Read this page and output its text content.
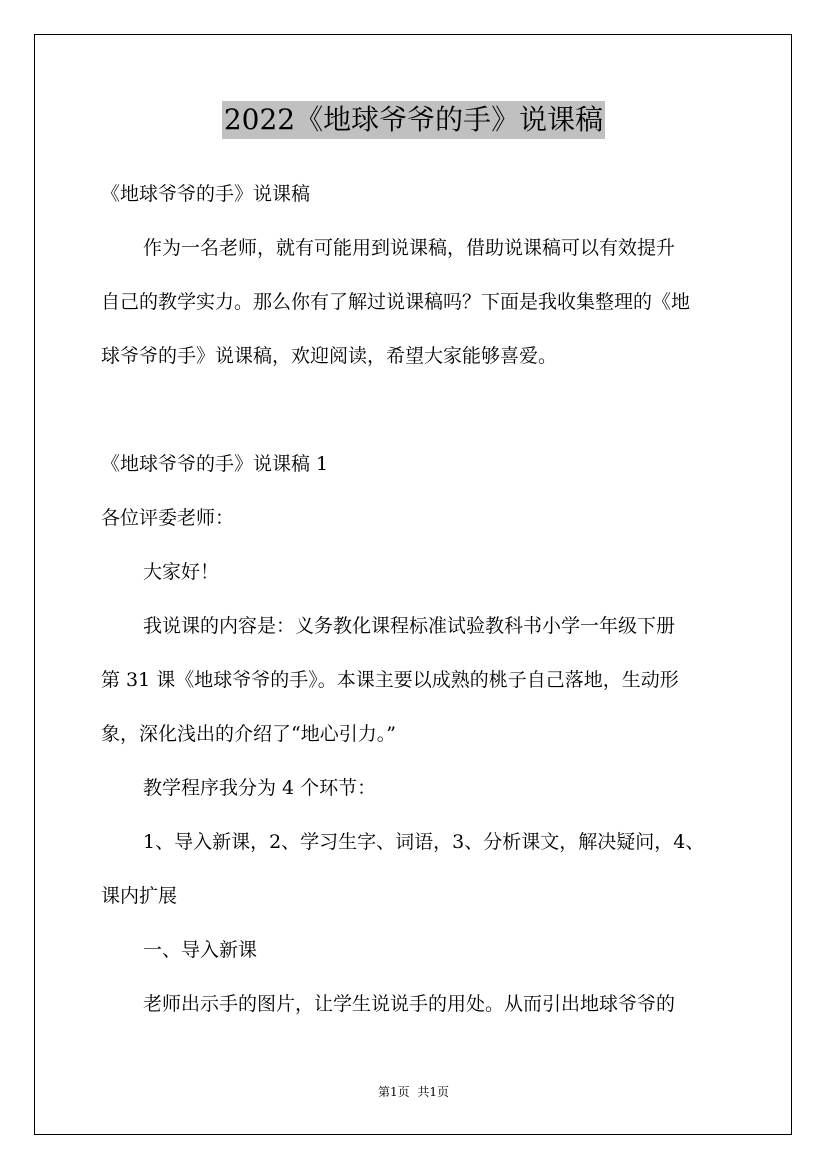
2022《地球爷爷的手》说课稿
《地球爷爷的手》说课稿
作为一名老师，就有可能用到说课稿，借助说课稿可以有效提升
自己的教学实力。那么你有了解过说课稿吗？下面是我收集整理的《地
球爷爷的手》说课稿，欢迎阅读，希望大家能够喜爱。
《地球爷爷的手》说课稿 1
各位评委老师：
大家好！
我说课的内容是：义务教化课程标准试验教科书小学一年级下册
第 31 课《地球爷爷的手》。本课主要以成熟的桃子自己落地，生动形
象，深化浅出的介绍了“地心引力。”
教学程序我分为 4 个环节：
1、导入新课，2、学习生字、词语，3、分析课文，解决疑问，4、
课内扩展
一、导入新课
老师出示手的图片，让学生说说手的用处。从而引出地球爷爷的
第1页 共1页
